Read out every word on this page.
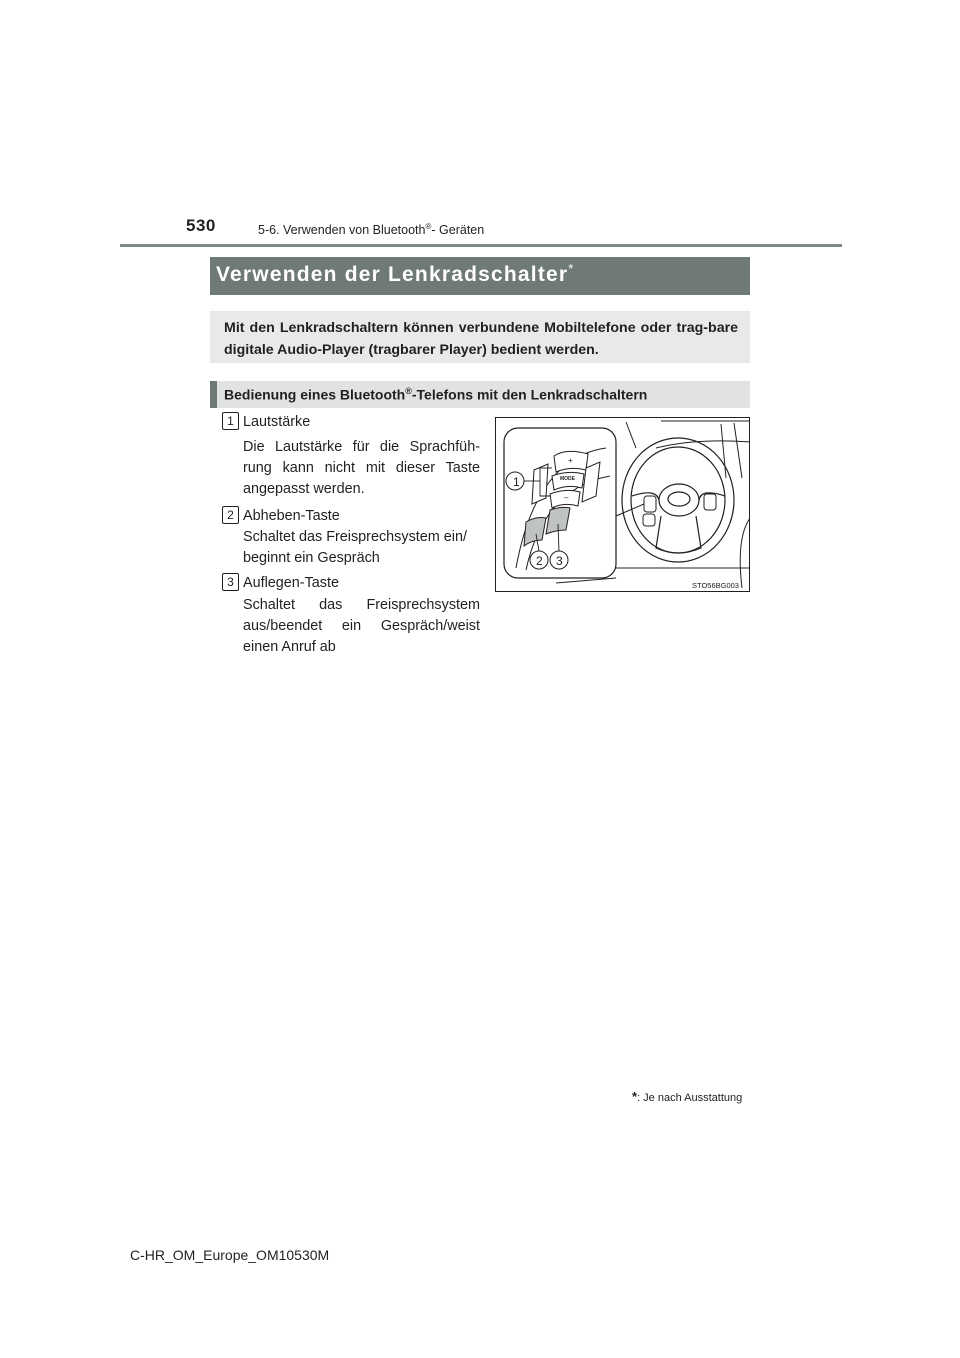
530	5-6. Verwenden von Bluetooth®- Geräten
Verwenden der Lenkradschalter*
Mit den Lenkradschaltern können verbundene Mobiltelefone oder trag-bare digitale Audio-Player (tragbarer Player) bedient werden.
Bedienung eines Bluetooth®-Telefons mit den Lenkradschaltern
1 Lautstärke
Die Lautstärke für die Sprachfüh-
rung kann nicht mit dieser Taste
angepasst werden.
2 Abheben-Taste
Schaltet das Freisprechsystem ein/
beginnt ein Gespräch
3 Auflegen-Taste
Schaltet das Freisprechsystem
aus/beendet ein Gespräch/weist
einen Anruf ab
1
2 3
MODE
+
–
STO56BG003
*: Je nach Ausstattung
C-HR_OM_Europe_OM10530M
